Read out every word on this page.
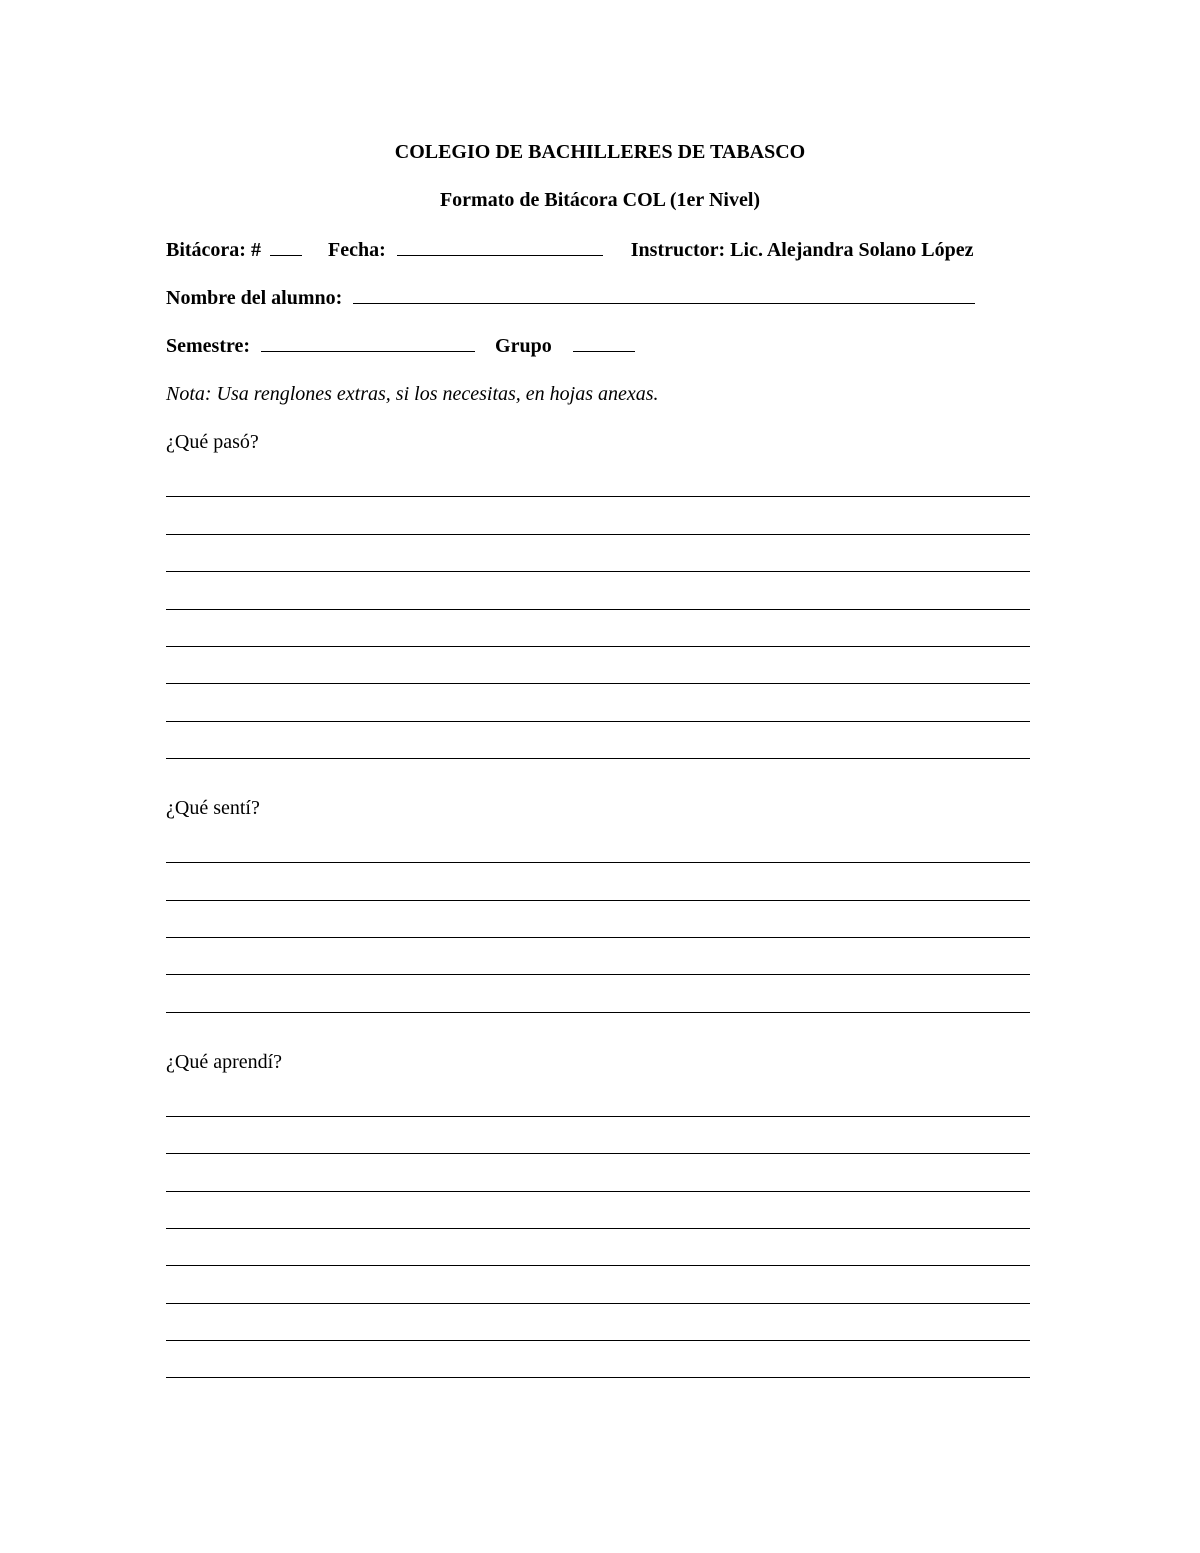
COLEGIO DE BACHILLERES DE TABASCO
Formato de Bitácora COL (1er Nivel)
Bitácora: #	Fecha:	Instructor: Lic. Alejandra Solano López
Nombre del alumno:
Semestre:	Grupo
Nota: Usa renglones extras, si los necesitas, en hojas anexas.
¿Qué pasó?
¿Qué sentí?
¿Qué aprendí?
